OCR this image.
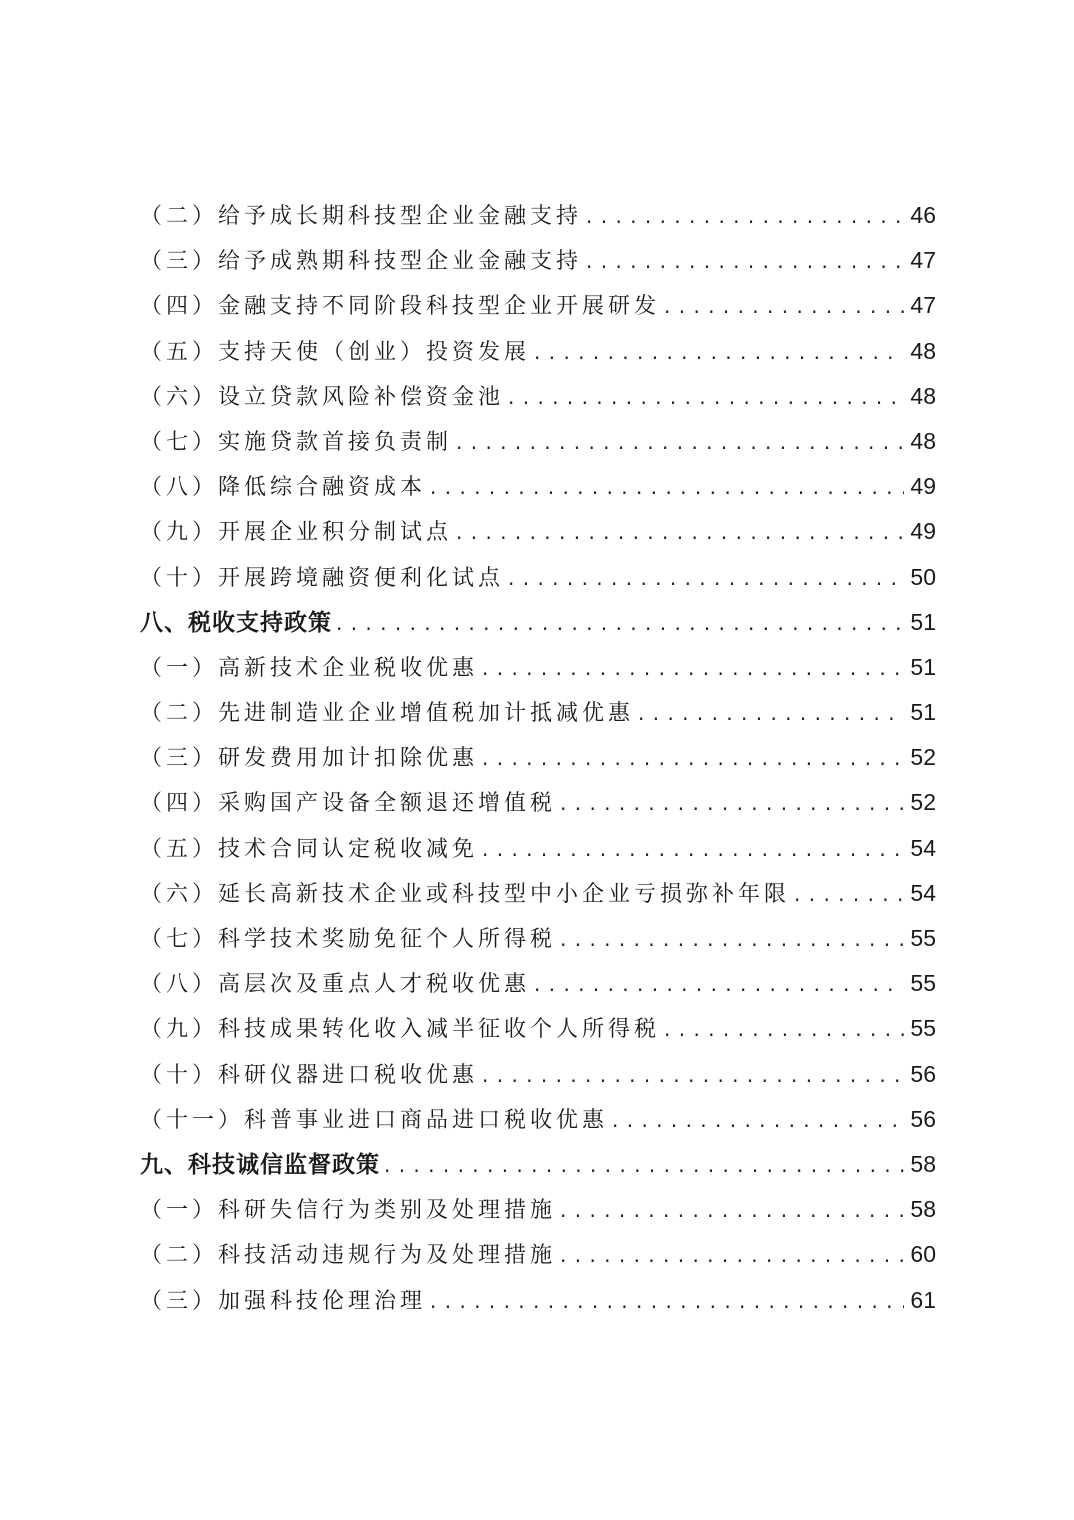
（二）给予成长期科技型企业金融支持 . . .	46
（三）给予成熟期科技型企业金融支持 . . .	47
（四）金融支持不同阶段科技型企业开展研发 . . .	47
（五）支持天使（创业）投资发展 . . .	48
（六）设立贷款风险补偿资金池 . . .	48
（七）实施贷款首接负责制 . . .	48
（八）降低综合融资成本 . . .	49
（九）开展企业积分制试点 . . .	49
（十）开展跨境融资便利化试点 . . .	50
八、税收支持政策 . . .	51
（一）高新技术企业税收优惠 . . .	51
（二）先进制造业企业增值税加计抵减优惠 . . .	51
（三）研发费用加计扣除优惠 . . .	52
（四）采购国产设备全额退还增值税 . . .	52
（五）技术合同认定税收减免 . . .	54
（六）延长高新技术企业或科技型中小企业亏损弥补年限 . . .	54
（七）科学技术奖励免征个人所得税 . . .	55
（八）高层次及重点人才税收优惠 . . .	55
（九）科技成果转化收入减半征收个人所得税 . . .	55
（十）科研仪器进口税收优惠 . . .	56
（十一）科普事业进口商品进口税收优惠 . . .	56
九、科技诚信监督政策 . . .	58
（一）科研失信行为类别及处理措施 . . .	58
（二）科技活动违规行为及处理措施 . . .	60
（三）加强科技伦理治理 . . .	61
